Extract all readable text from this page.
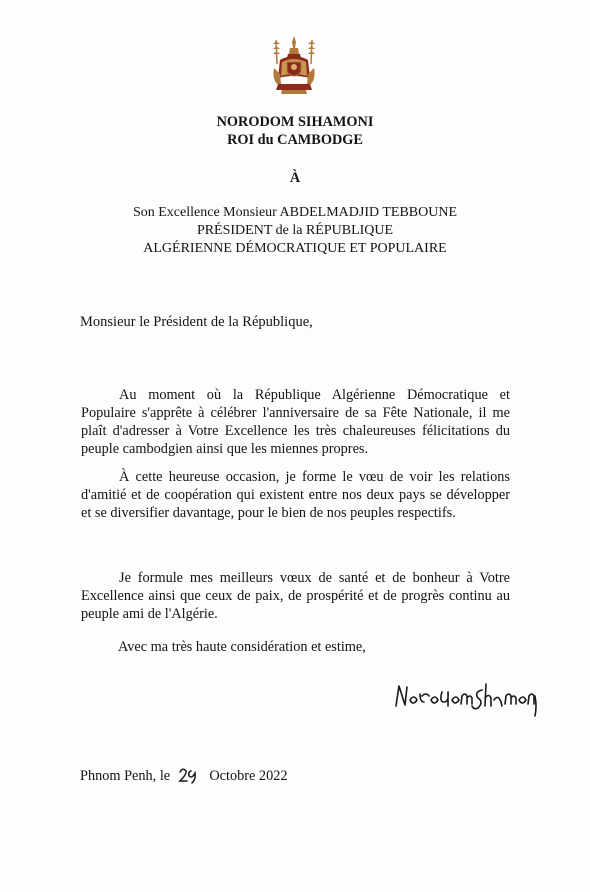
NORODOM SIHAMONI
ROI du CAMBODGE
À
Son Excellence Monsieur ABDELMADJID TEBBOUNE
PRÉSIDENT de la RÉPUBLIQUE
ALGÉRIENNE DÉMOCRATIQUE ET POPULAIRE
Monsieur le Président de la République,

Au moment où la République Algérienne Démocratique et Populaire s'apprête à célébrer l'anniversaire de sa Fête Nationale, il me plaît d'adresser à Votre Excellence les très chaleureuses félicitations du peuple cambodgien ainsi que les miennes propres.

À cette heureuse occasion, je forme le vœu de voir les relations d'amitié et de coopération qui existent entre nos deux pays se développer et se diversifier davantage, pour le bien de nos peuples respectifs.

Je formule mes meilleurs vœux de santé et de bonheur à Votre Excellence ainsi que ceux de paix, de prospérité et de progrès continu au peuple ami de l'Algérie.

Avec ma très haute considération et estime,
Phnom Penh, le	Octobre 2022
